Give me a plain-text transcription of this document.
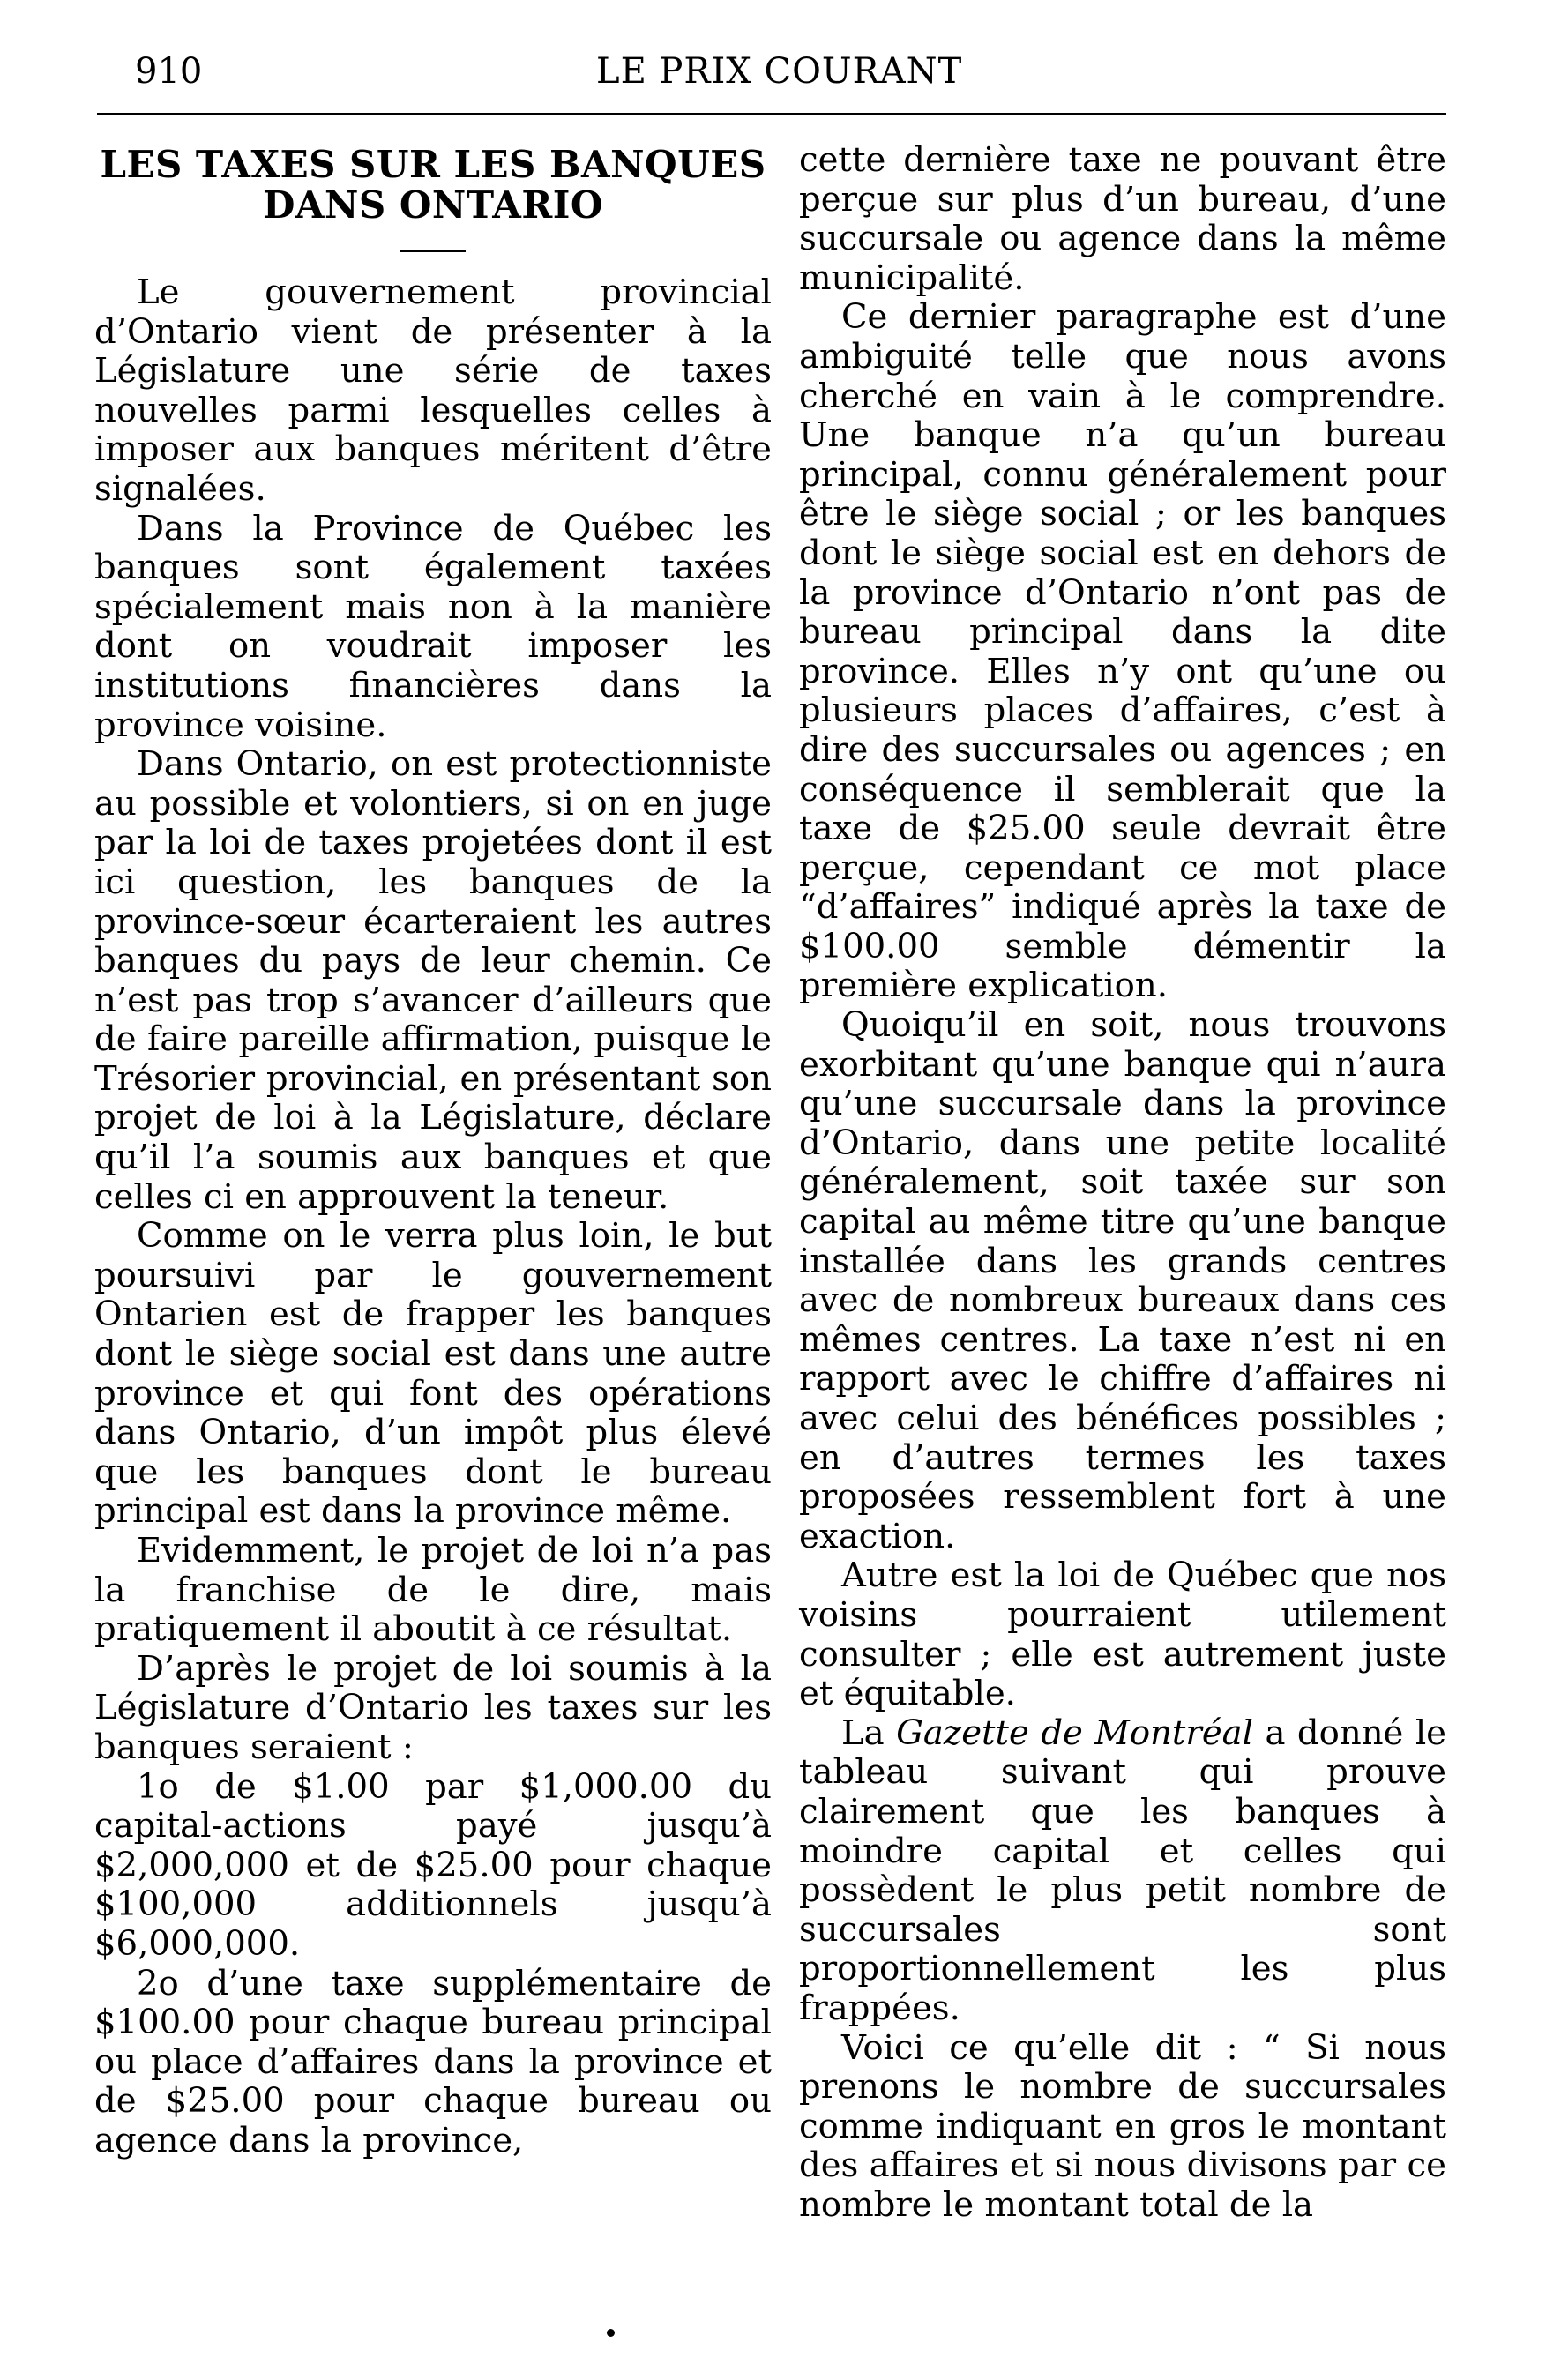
910	LE PRIX COURANT
LES TAXES SUR LES BANQUES
DANS ONTARIO

Le gouvernement provincial d’Ontario vient de présenter à la Législature une série de taxes nouvelles parmi lesquelles celles à imposer aux banques méritent d’être signalées.

Dans la Province de Québec les banques sont également taxées spécialement mais non à la manière dont on voudrait imposer les institutions financières dans la province voisine.

Dans Ontario, on est protectionniste au possible et volontiers, si on en juge par la loi de taxes projetées dont il est ici question, les banques de la province-sœur écarteraient les autres banques du pays de leur chemin. Ce n’est pas trop s’avancer d’ailleurs que de faire pareille affirmation, puisque le Trésorier provincial, en présentant son projet de loi à la Législature, déclare qu’il l’a soumis aux banques et que celles ci en approuvent la teneur.

Comme on le verra plus loin, le but poursuivi par le gouvernement Ontarien est de frapper les banques dont le siège social est dans une autre province et qui font des opérations dans Ontario, d’un impôt plus élevé que les banques dont le bureau principal est dans la province même.

Evidemment, le projet de loi n’a pas la franchise de le dire, mais pratiquement il aboutit à ce résultat.

D’après le projet de loi soumis à la Législature d’Ontario les taxes sur les banques seraient :

1o de $1.00 par $1,000.00 du capital-actions payé jusqu’à $2,000,000 et de $25.00 pour chaque $100,000 additionnels jusqu’à $6,000,000.

2o d’une taxe supplémentaire de $100.00 pour chaque bureau principal ou place d’affaires dans la province et de $25.00 pour chaque bureau ou agence dans la province,

cette dernière taxe ne pouvant être perçue sur plus d’un bureau, d’une succursale ou agence dans la même municipalité.

Ce dernier paragraphe est d’une ambiguité telle que nous avons cherché en vain à le comprendre. Une banque n’a qu’un bureau principal, connu généralement pour être le siège social ; or les banques dont le siège social est en dehors de la province d’Ontario n’ont pas de bureau principal dans la dite province. Elles n’y ont qu’une ou plusieurs places d’affaires, c’est à dire des succursales ou agences ; en conséquence il semblerait que la taxe de $25.00 seule devrait être perçue, cependant ce mot place “d’affaires” indiqué après la taxe de $100.00 semble démentir la première explication.

Quoiqu’il en soit, nous trouvons exorbitant qu’une banque qui n’aura qu’une succursale dans la province d’Ontario, dans une petite localité généralement, soit taxée sur son capital au même titre qu’une banque installée dans les grands centres avec de nombreux bureaux dans ces mêmes centres. La taxe n’est ni en rapport avec le chiffre d’affaires ni avec celui des bénéfices possibles ; en d’autres termes les taxes proposées ressemblent fort à une exaction.

Autre est la loi de Québec que nos voisins pourraient utilement consulter ; elle est autrement juste et équitable.

La Gazette de Montréal a donné le tableau suivant qui prouve clairement que les banques à moindre capital et celles qui possèdent le plus petit nombre de succursales sont proportionnellement les plus frappées.

Voici ce qu’elle dit : “ Si nous prenons le nombre de succursales comme indiquant en gros le montant des affaires et si nous divisons par ce nombre le montant total de la
